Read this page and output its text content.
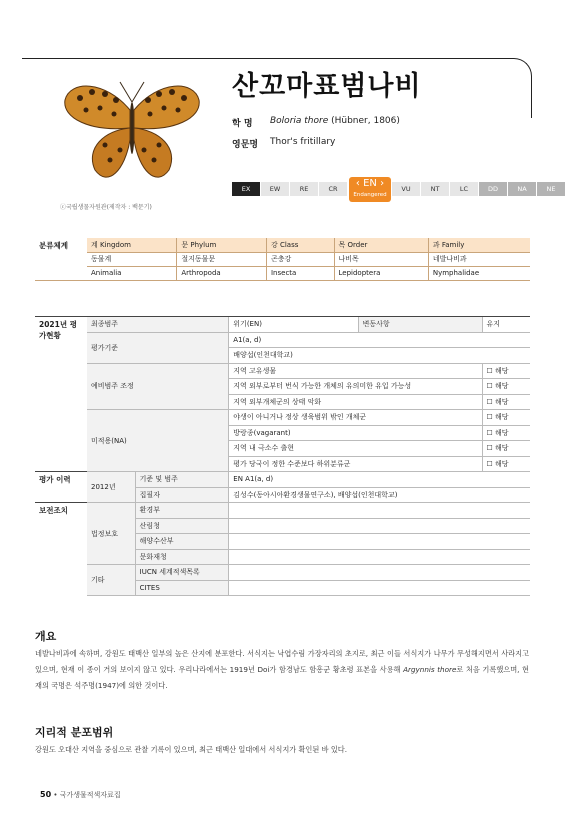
ⓒ국립생물자원관(제작자 : 백문기)
산꼬마표범나비
학 명	Boloria thore (Hübner, 1806)
영문명	Thor's fritillary
EX	EW	RE	CR	‹ EN ›
Endangered
VU	NT	LC	DD	NA	NE
분류체계	계 Kingdom	문 Phylum	강 Class	목 Order	과 Family
	동물계	절지동물문	곤충강	나비목	네발나비과
	Animalia	Arthropoda	Insecta	Lepidoptera	Nymphalidae
2021년 평가현황	최종범주		위기(EN)	변동사항	유지
	평가기준		A1(a, d)		
			배양섭(인천대학교)		
	예비범주 조정		지역 고유생물		☐ 해당
			지역 외부로부터 번식 가능한 개체의 유의미한 유입 가능성		☐ 해당
			지역 외부개체군의 상태 악화		☐ 해당
	미적용(NA)		야생이 아니거나 정상 생육범위 밖인 개체군		☐ 해당
			방랑종(vagarant)		☐ 해당
			지역 내 극소수 출현		☐ 해당
			평가 당국이 정한 수준보다 하위분류군		☐ 해당
평가 이력	2012년	기준 및 범주	EN A1(a, d)		
		집필자	김성수(동아시아환경생물연구소), 배양섭(인천대학교)		
보전조치	법정보호	환경부			
		산림청			
		해양수산부			
		문화재청			
	기타	IUCN 세계적색목록			
		CITES			
개요
네발나비과에 속하며, 강원도 태백산 일부의 높은 산지에 분포한다. 서식지는 낙엽수림 가장자리의 초지로, 최근 이들 서식지가 나무가 무성해지면서 사라지고 있으며, 현재 이 종이 거의 보이지 않고 있다. 우리나라에서는 1919년 Doi가 함경남도 함흥군 황초령 표본을 사용해 Argynnis thore로 처음 기록했으며, 현재의 국명은 석주명(1947)에 의한 것이다.
지리적 분포범위
강원도 오대산 지역을 중심으로 관찰 기록이 있으며, 최근 태백산 일대에서 서식지가 확인된 바 있다.
50 • 국가생물적색자료집
